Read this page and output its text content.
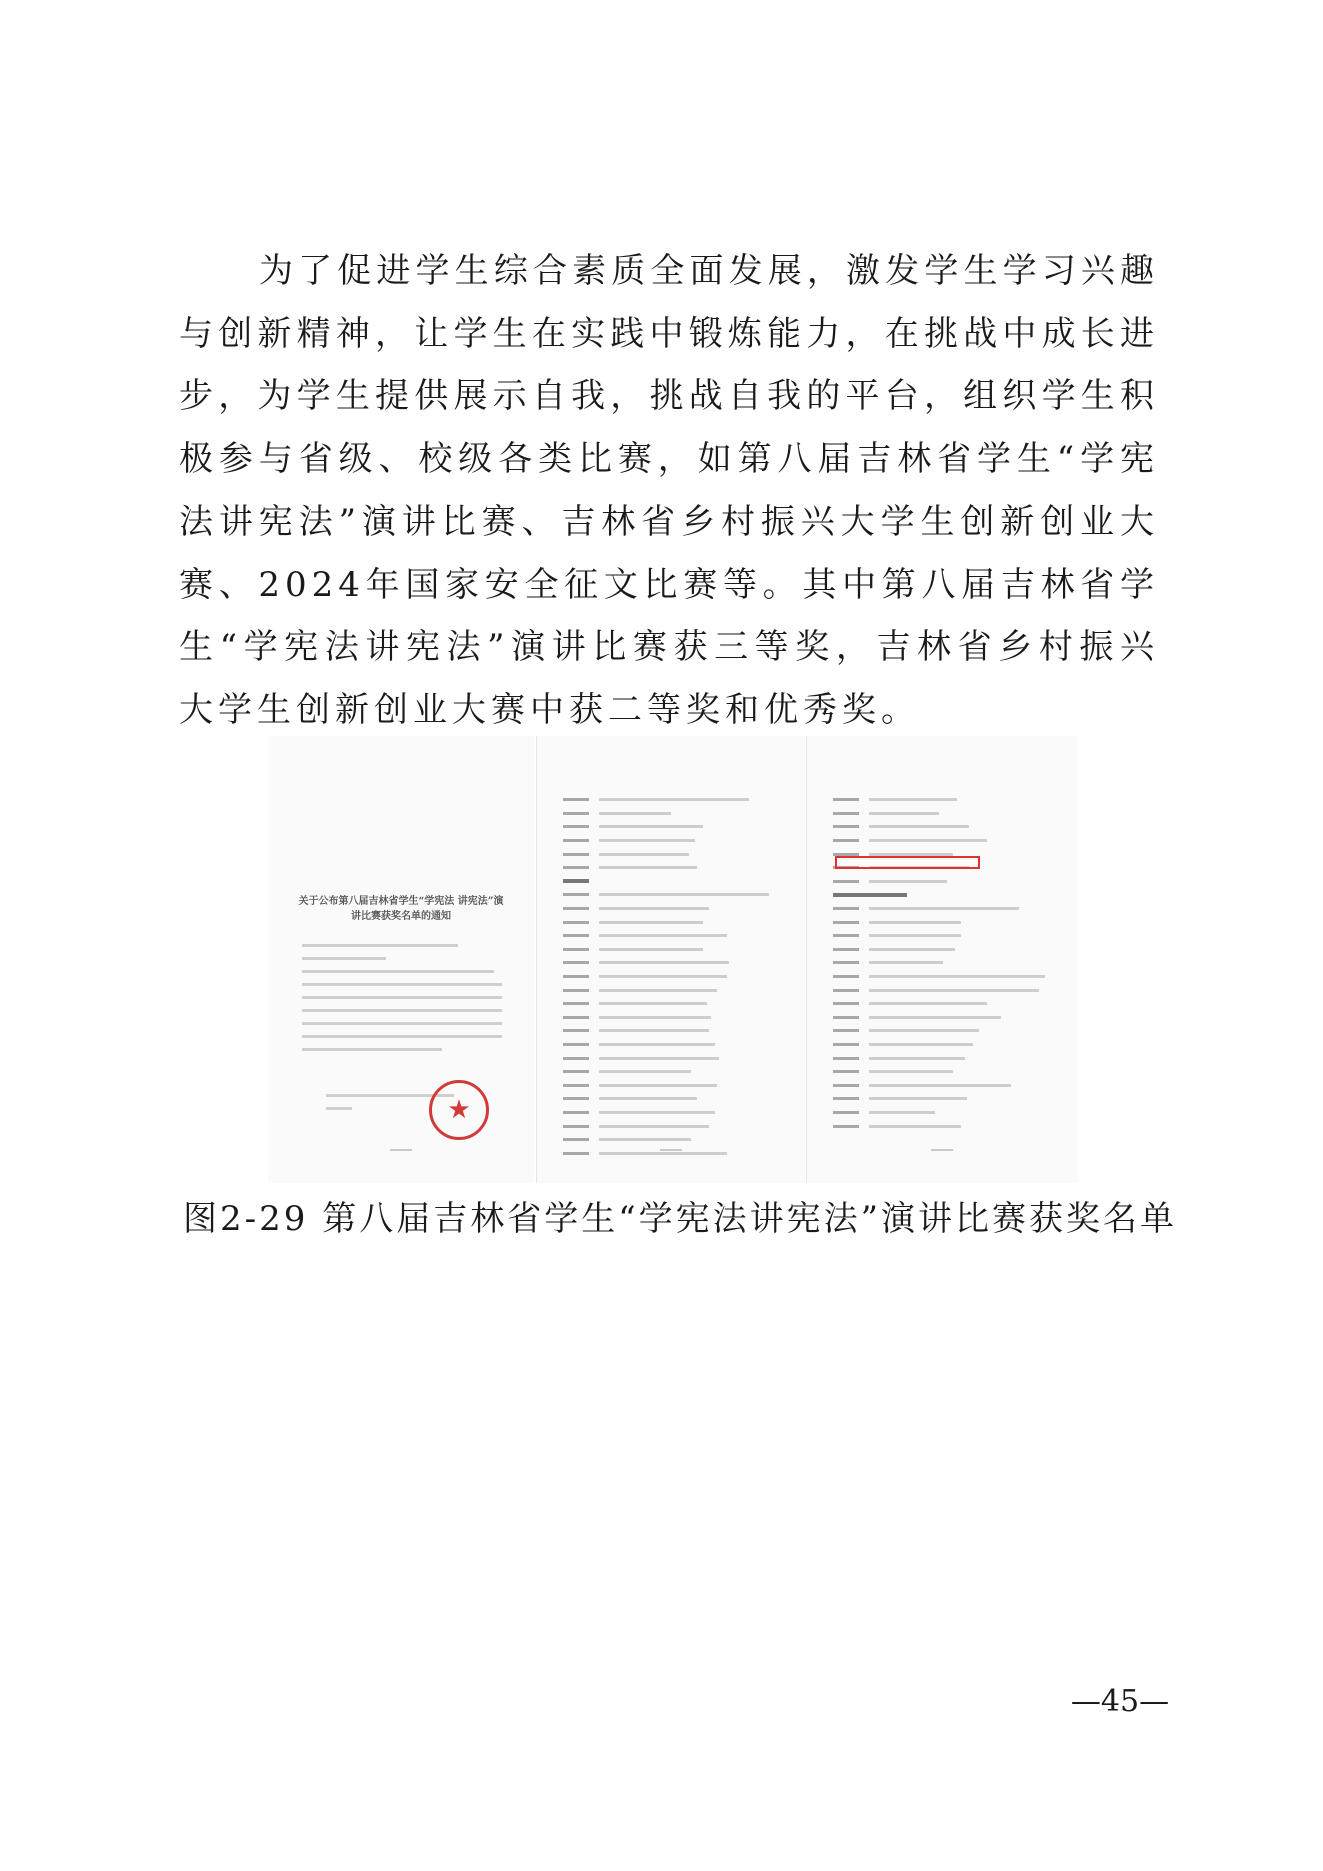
为了促进学生综合素质全面发展，激发学生学习兴趣与创新精神，让学生在实践中锻炼能力，在挑战中成长进步，为学生提供展示自我，挑战自我的平台，组织学生积极参与省级、校级各类比赛，如第八届吉林省学生“学宪法讲宪法”演讲比赛、吉林省乡村振兴大学生创新创业大赛、2024年国家安全征文比赛等。其中第八届吉林省学生“学宪法讲宪法”演讲比赛获三等奖，吉林省乡村振兴大学生创新创业大赛中获二等奖和优秀奖。

关于公布第八届吉林省学生“学宪法 讲宪法”演讲比赛获奖名单的通知

★

图2-29 第八届吉林省学生“学宪法讲宪法”演讲比赛获奖名单

—45—
